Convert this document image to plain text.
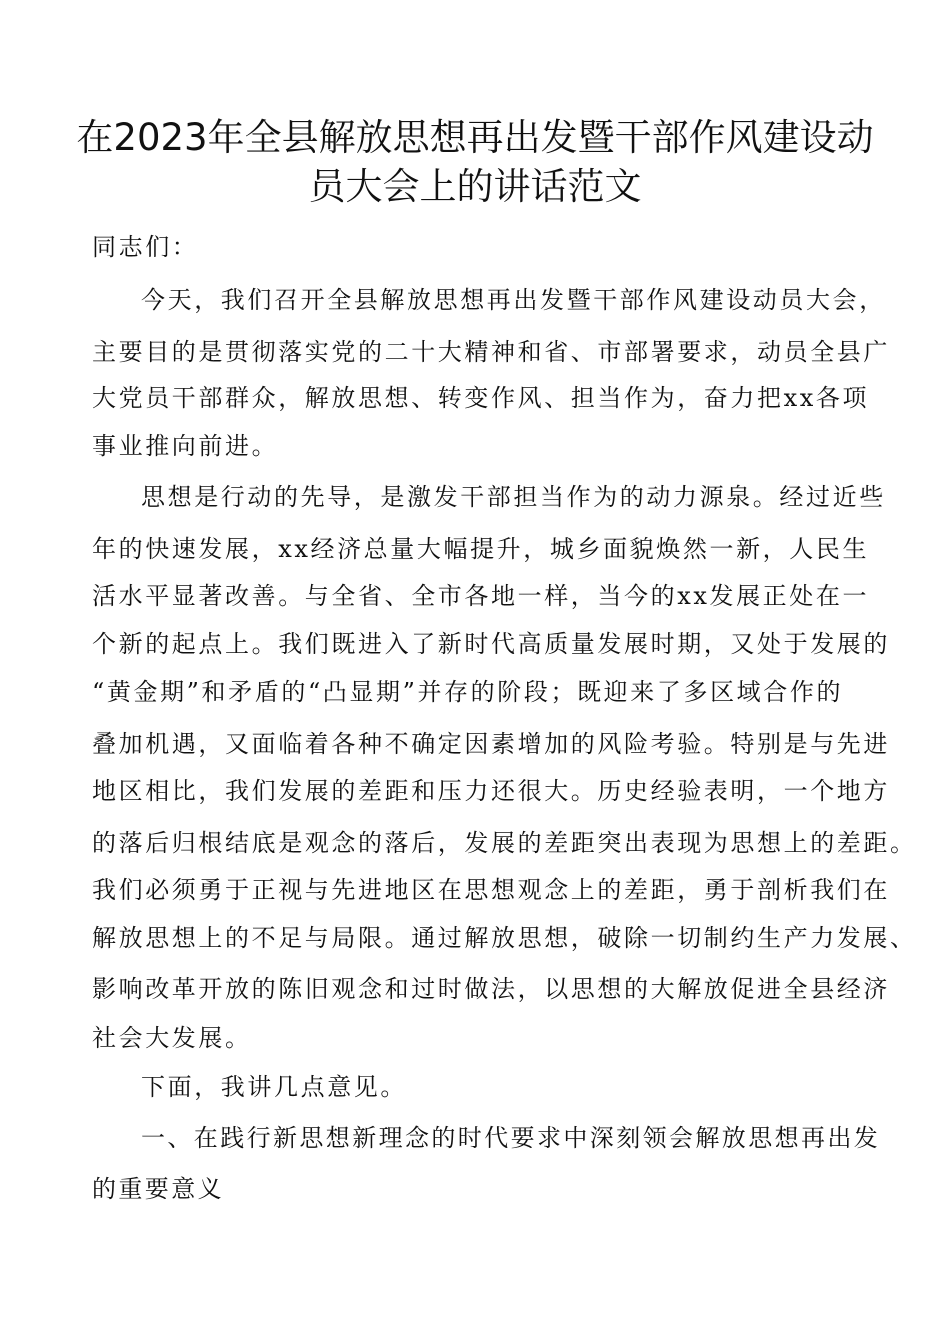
在2023年全县解放思想再出发暨干部作风建设动
员大会上的讲话范文

同志们：

今天，我们召开全县解放思想再出发暨干部作风建设动员大会，

主要目的是贯彻落实党的二十大精神和省、市部署要求，动员全县广

大党员干部群众，解放思想、转变作风、担当作为，奋力把xx各项

事业推向前进。

思想是行动的先导，是激发干部担当作为的动力源泉。经过近些

年的快速发展，xx经济总量大幅提升，城乡面貌焕然一新，人民生

活水平显著改善。与全省、全市各地一样，当今的xx发展正处在一

个新的起点上。我们既进入了新时代高质量发展时期，又处于发展的

“黄金期”和矛盾的“凸显期”并存的阶段；既迎来了多区域合作的

叠加机遇，又面临着各种不确定因素增加的风险考验。特别是与先进

地区相比，我们发展的差距和压力还很大。历史经验表明，一个地方

的落后归根结底是观念的落后，发展的差距突出表现为思想上的差距。

我们必须勇于正视与先进地区在思想观念上的差距，勇于剖析我们在

解放思想上的不足与局限。通过解放思想，破除一切制约生产力发展、

影响改革开放的陈旧观念和过时做法，以思想的大解放促进全县经济

社会大发展。

下面，我讲几点意见。

一、在践行新思想新理念的时代要求中深刻领会解放思想再出发

的重要意义
